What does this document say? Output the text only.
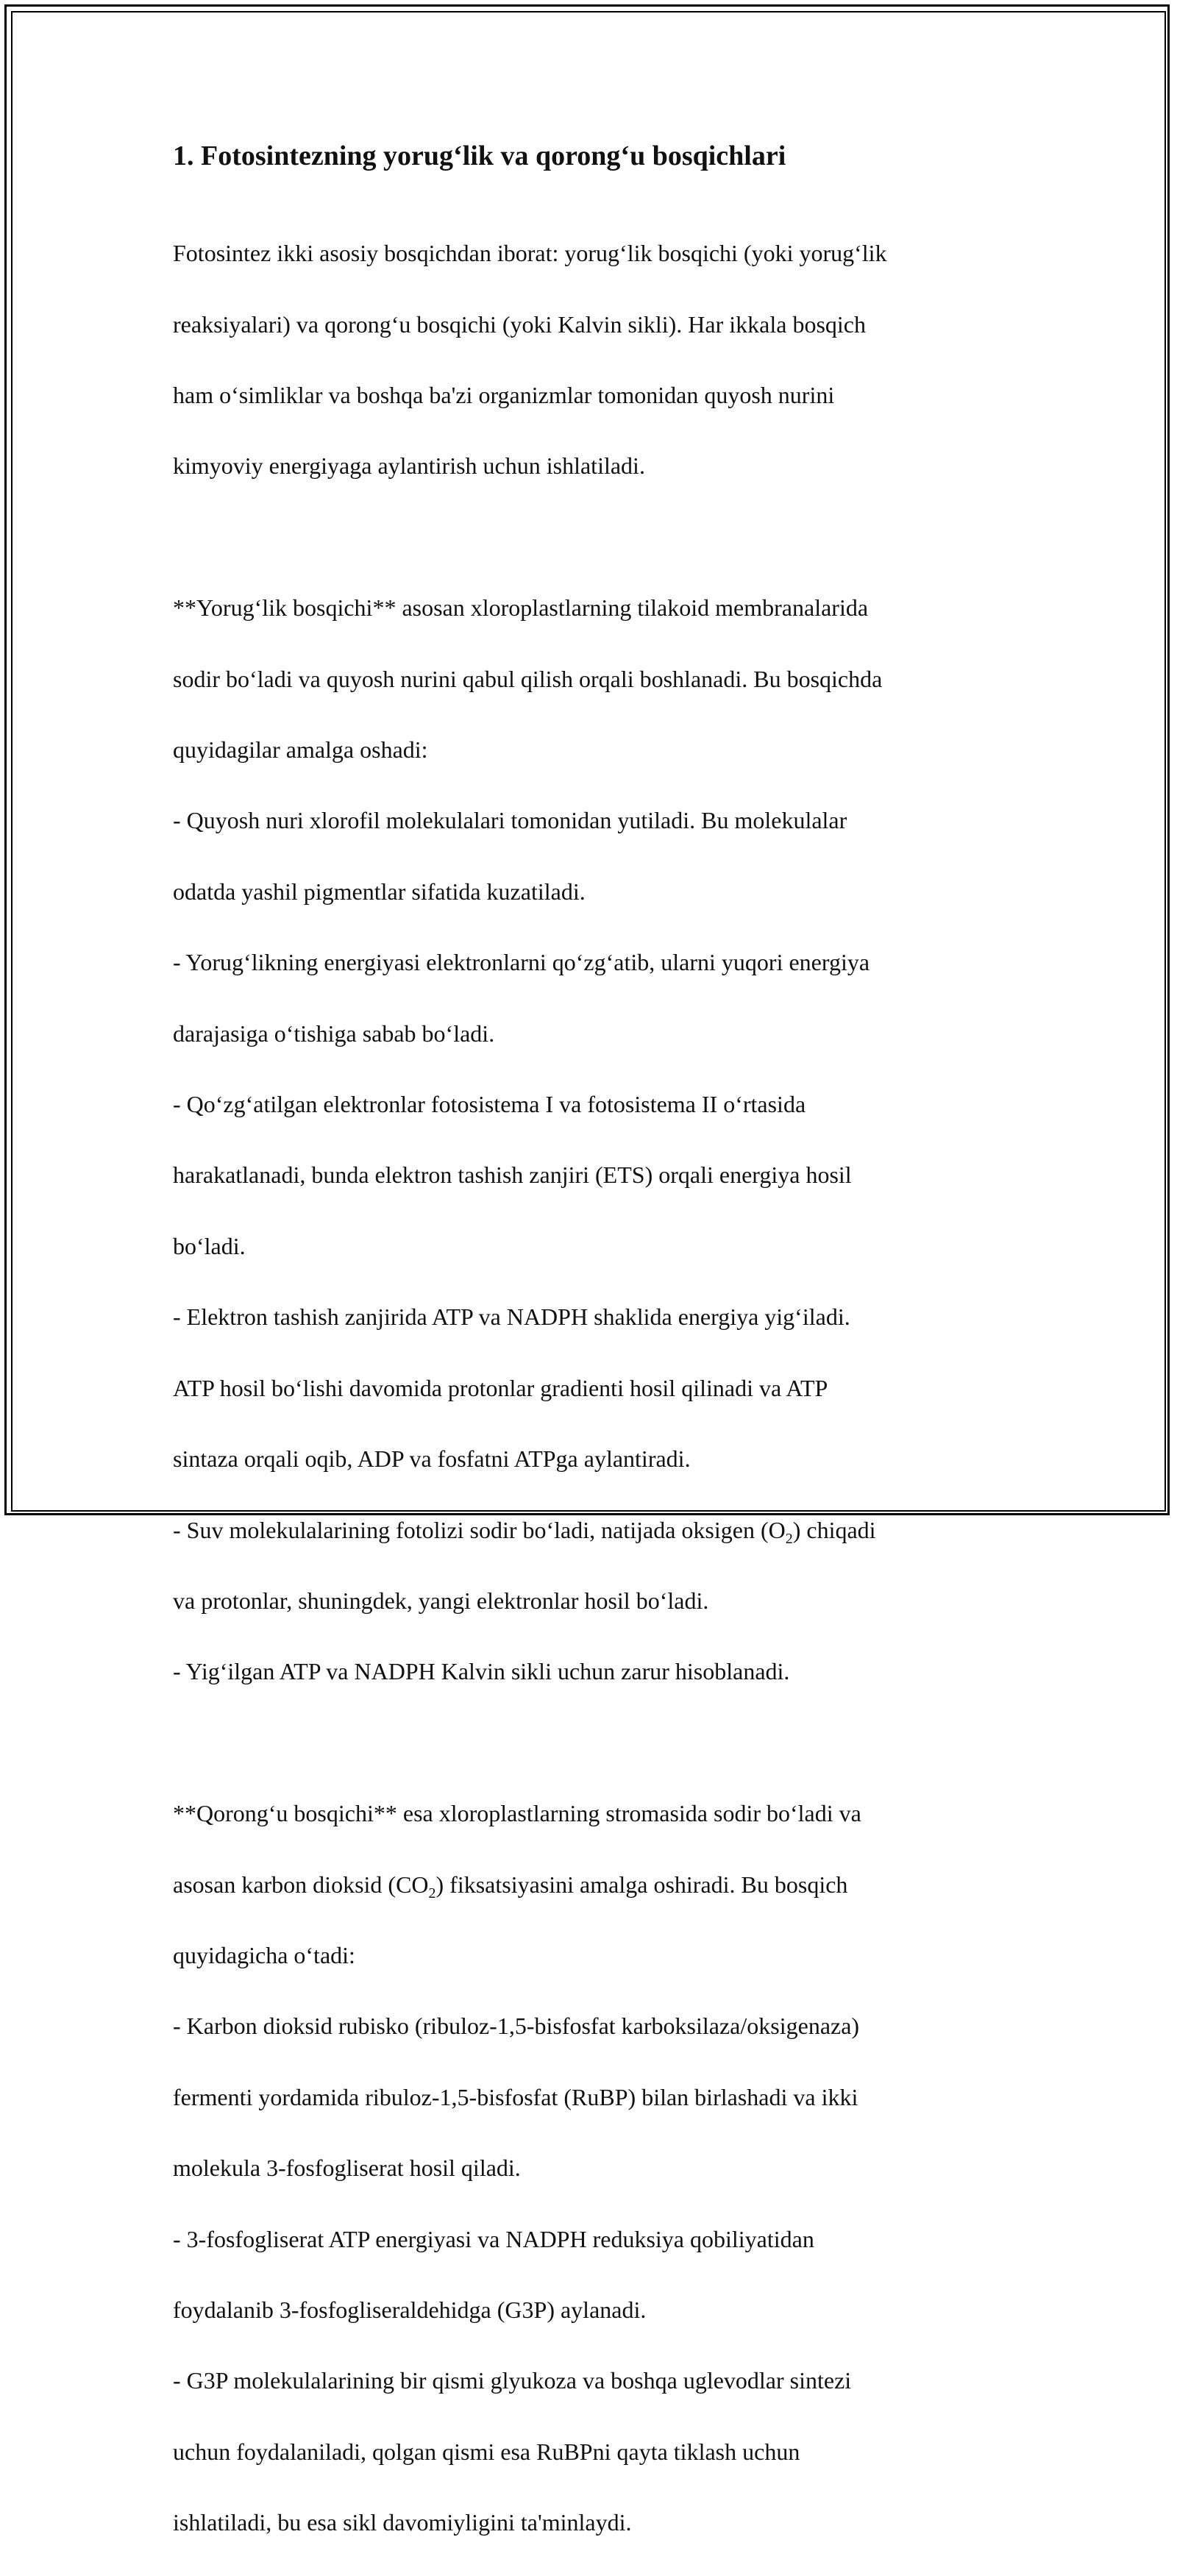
1. Fotosintezning yorug‘lik va qorong‘u bosqichlari

Fotosintez ikki asosiy bosqichdan iborat: yorug‘lik bosqichi (yoki yorug‘lik

reaksiyalari) va qorong‘u bosqichi (yoki Kalvin sikli). Har ikkala bosqich

ham o‘simliklar va boshqa ba'zi organizmlar tomonidan quyosh nurini

kimyoviy energiyaga aylantirish uchun ishlatiladi.

**Yorug‘lik bosqichi** asosan xloroplastlarning tilakoid membranalarida

sodir bo‘ladi va quyosh nurini qabul qilish orqali boshlanadi. Bu bosqichda

quyidagilar amalga oshadi:

- Quyosh nuri xlorofil molekulalari tomonidan yutiladi. Bu molekulalar

odatda yashil pigmentlar sifatida kuzatiladi.

- Yorug‘likning energiyasi elektronlarni qo‘zg‘atib, ularni yuqori energiya

darajasiga o‘tishiga sabab bo‘ladi.

- Qo‘zg‘atilgan elektronlar fotosistema I va fotosistema II o‘rtasida

harakatlanadi, bunda elektron tashish zanjiri (ETS) orqali energiya hosil

bo‘ladi.

- Elektron tashish zanjirida ATP va NADPH shaklida energiya yig‘iladi.

ATP hosil bo‘lishi davomida protonlar gradienti hosil qilinadi va ATP

sintaza orqali oqib, ADP va fosfatni ATPga aylantiradi.

- Suv molekulalarining fotolizi sodir bo‘ladi, natijada oksigen $(O_2)$ chiqadi

va protonlar, shuningdek, yangi elektronlar hosil bo‘ladi.

- Yig‘ilgan ATP va NADPH Kalvin sikli uchun zarur hisoblanadi.

**Qorong‘u bosqichi** esa xloroplastlarning stromasida sodir bo‘ladi va

asosan karbon dioksid $(CO_2)$ fiksatsiyasini amalga oshiradi. Bu bosqich

quyidagicha o‘tadi:

- Karbon dioksid rubisko (ribuloz-1,5-bisfosfat karboksilaza/oksigenaza)

fermenti yordamida ribuloz-1,5-bisfosfat (RuBP) bilan birlashadi va ikki

molekula 3-fosfogliserat hosil qiladi.

- 3-fosfogliserat ATP energiyasi va NADPH reduksiya qobiliyatidan

foydalanib 3-fosfogliseraldehidga (G3P) aylanadi.

- G3P molekulalarining bir qismi glyukoza va boshqa uglevodlar sintezi

uchun foydalaniladi, qolgan qismi esa RuBPni qayta tiklash uchun

ishlatiladi, bu esa sikl davomiyligini ta'minlaydi.
